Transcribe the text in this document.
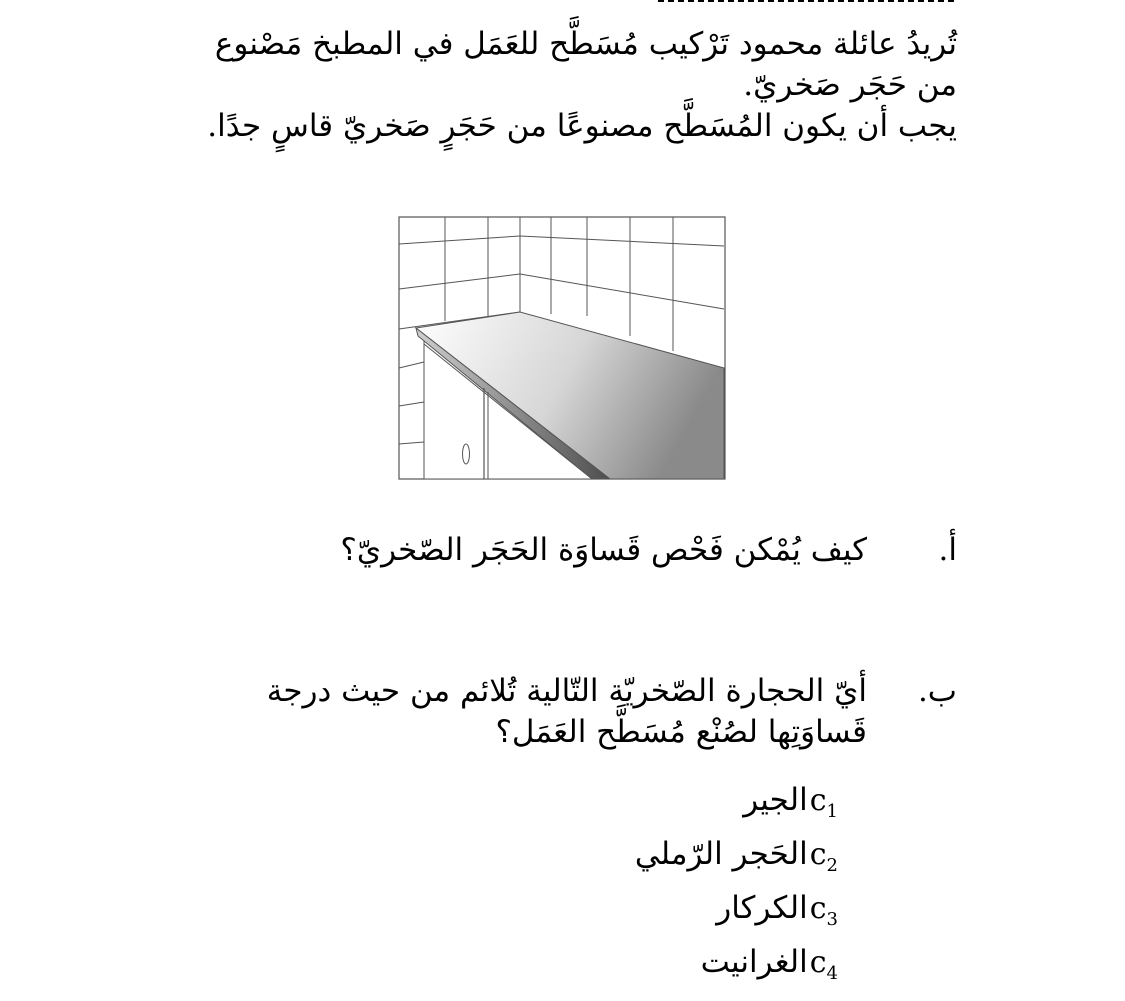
تُريدُ عائلة محمود تَرْكيب مُسَطَّح للعَمَل في المطبخ مَصْنوع من حَجَر صَخريّ.

يجب أن يكون المُسَطَّح مصنوعًا من حَجَرٍ صَخريّ قاسٍ جدًا.

أ.
كيف يُمْكن فَحْص قَساوَة الحَجَر الصّخريّ؟
ب.
أيّ الحجارة الصّخريّة التّالية تُلائم من حيث درجة قَساوَتِها لصُنْع مُسَطَّح العَمَل؟
$c_1$
الجير
$c_2$
الحَجر الرّملي
$c_3$
الكركار
$c_4$
الغرانيت
